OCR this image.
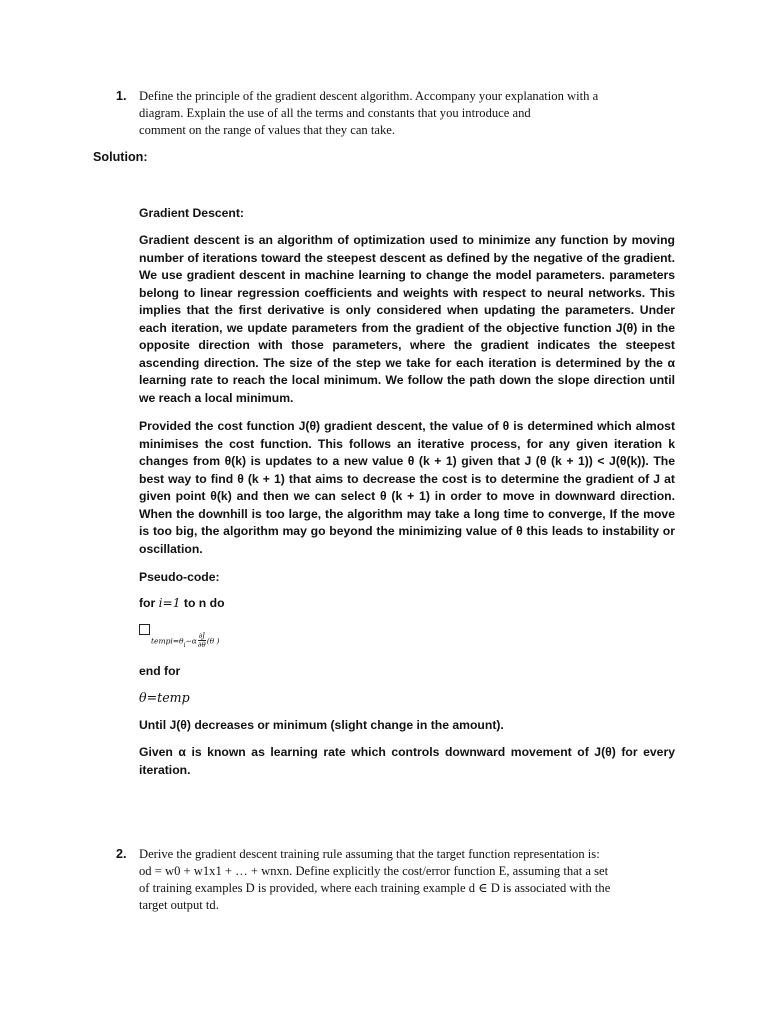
1. Define the principle of the gradient descent algorithm. Accompany your explanation with a
diagram. Explain the use of all the terms and constants that you introduce and
comment on the range of values that they can take.
Solution:

Gradient Descent:

Gradient descent is an algorithm of optimization used to minimize any function by moving number of iterations toward the steepest descent as defined by the negative of the gradient. We use gradient descent in machine learning to change the model parameters. parameters belong to linear regression coefficients and weights with respect to neural networks. This implies that the first derivative is only considered when updating the parameters. Under each iteration, we update parameters from the gradient of the objective function J(θ) in the opposite direction with those parameters, where the gradient indicates the steepest ascending direction. The size of the step we take for each iteration is determined by the α learning rate to reach the local minimum. We follow the path down the slope direction until we reach a local minimum.

Provided the cost function J(θ) gradient descent, the value of θ is determined which almost minimises the cost function. This follows an iterative process, for any given iteration k changes from θ(k) is updates to a new value θ (k + 1) given that J (θ (k + 1)) < J(θ(k)). The best way to find θ (k + 1) that aims to decrease the cost is to determine the gradient of J at given point θ(k) and then we can select θ (k + 1) in order to move in downward direction. When the downhill is too large, the algorithm may take a long time to converge, If the move is too big, the algorithm may go beyond the minimizing value of θ this leads to instability or oscillation.

Pseudo-code:

for i=1 to n do

$tempi=\theta_i-\alpha \frac{\partial J}{\partial\theta} (\theta$ )

end for

θ=temp

Until J(θ) decreases or minimum (slight change in the amount).

Given α is known as learning rate which controls downward movement of J(θ) for every iteration.

2. Derive the gradient descent training rule assuming that the target function representation is:
od = w0 + w1x1 + … + wnxn. Define explicitly the cost/error function E, assuming that a set
of training examples D is provided, where each training example d ∈ D is associated with the
target output td.
